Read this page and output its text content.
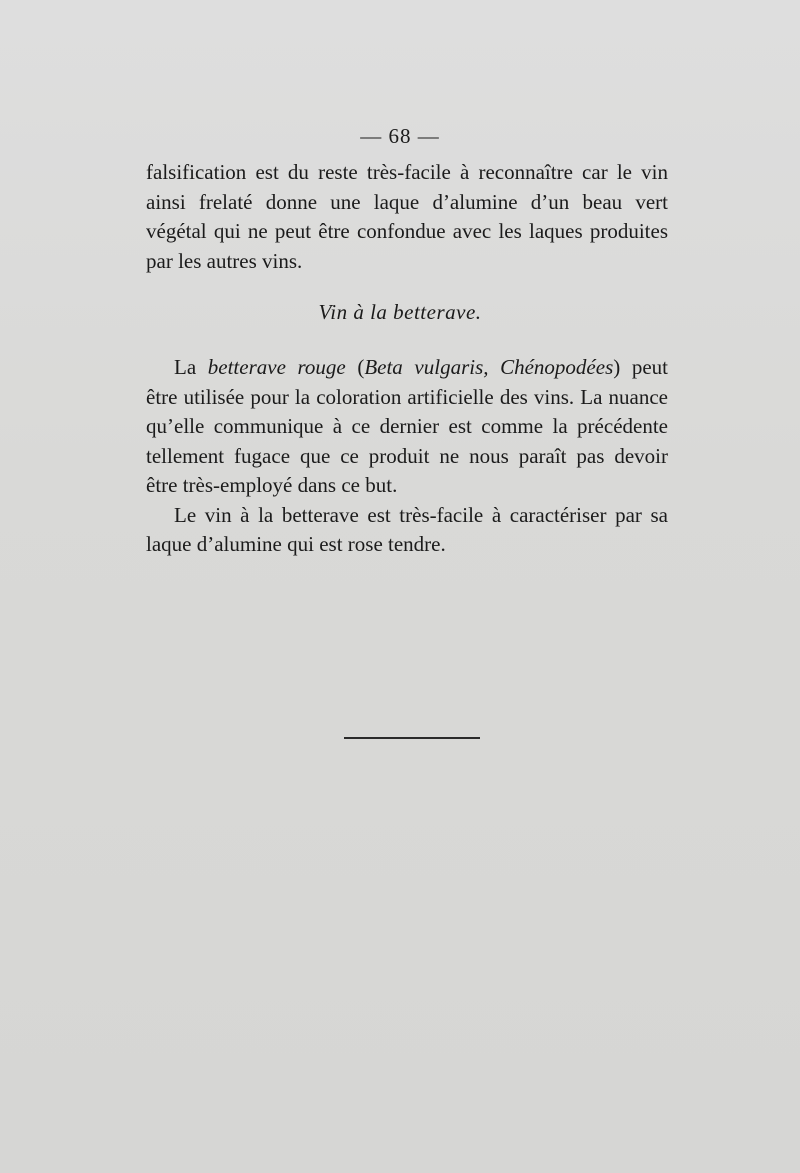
— 68 —

falsification est du reste très-facile à reconnaître car le vin
ainsi frelaté donne une laque d’alumine d’un beau vert
végétal qui ne peut être confondue avec les laques produites
par les autres vins.

Vin à la betterave.

La betterave rouge (Beta vulgaris, Chénopodées) peut
être utilisée pour la coloration artificielle des vins. La nuance
qu’elle communique à ce dernier est comme la précédente
tellement fugace que ce produit ne nous paraît pas devoir
être très-employé dans ce but.

Le vin à la betterave est très-facile à caractériser par sa
laque d’alumine qui est rose tendre.
